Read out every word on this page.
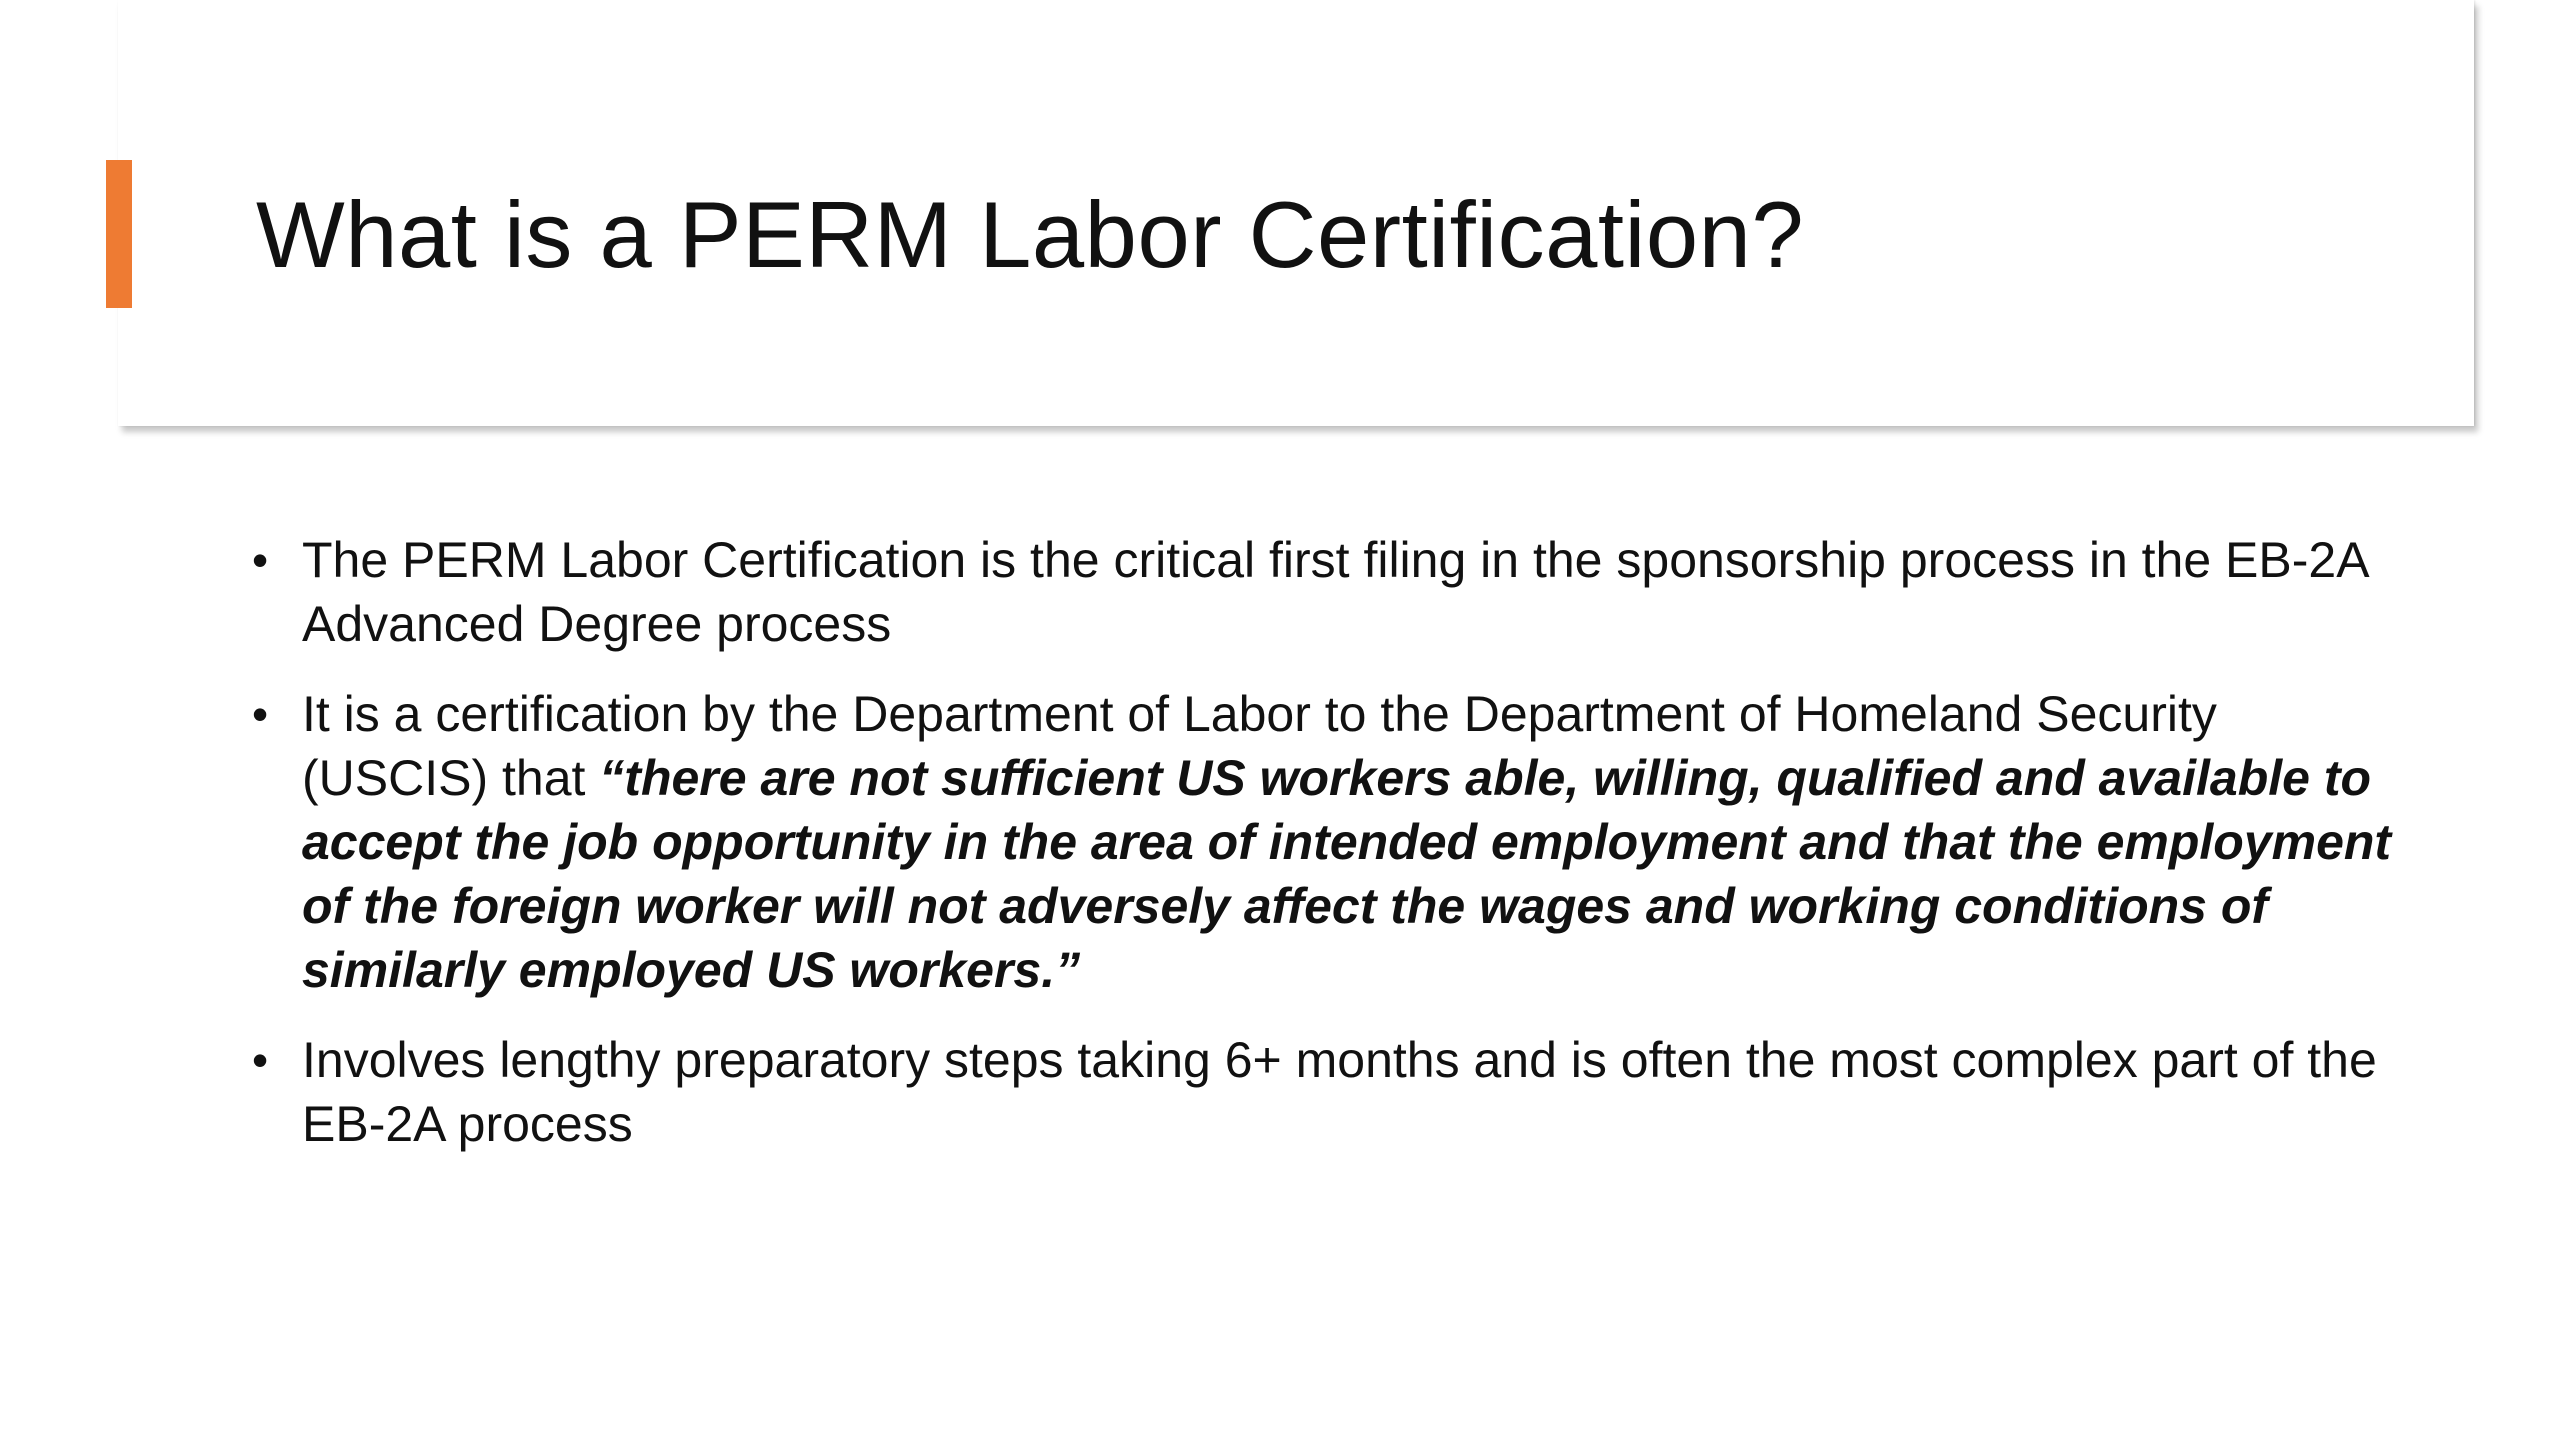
What is a PERM Labor Certification?
• The PERM Labor Certification is the critical first filing in the sponsorship process in the EB-2A Advanced Degree process
• It is a certification by the Department of Labor to the Department of Homeland Security (USCIS) that “there are not sufficient US workers able, willing, qualified and available to accept the job opportunity in the area of intended employment and that the employment of the foreign worker will not adversely affect the wages and working conditions of similarly employed US workers.”
• Involves lengthy preparatory steps taking 6+ months and is often the most complex part of the EB-2A process
